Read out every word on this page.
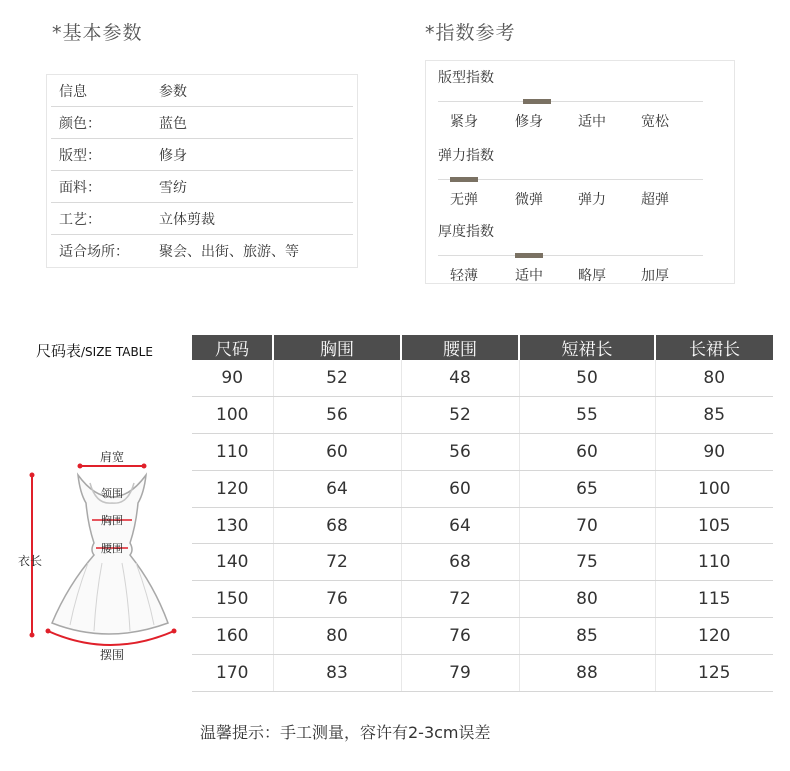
*基本参数	*指数参考
信息	参数
颜色：	蓝色
版型：	修身
面料：	雪纺
工艺：	立体剪裁
适合场所：	聚会、出街、旅游、等
版型指数
紧身	修身	适中	宽松
弹力指数
无弹	微弹	弹力	超弹
厚度指数
轻薄	适中	略厚	加厚
尺码表/SIZE TABLE	尺码	胸围	腰围	短裙长	长裙长
90	52	48	50	80
100	56	52	55	85
110	60	56	60	90
120	64	60	65	100
130	68	64	70	105
140	72	68	75	110
150	76	72	80	115
160	80	76	85	120
170	83	79	88	125
肩宽
衣长
领围
胸围
腰围
摆围
温馨提示：手工测量，容许有2-3cm误差
